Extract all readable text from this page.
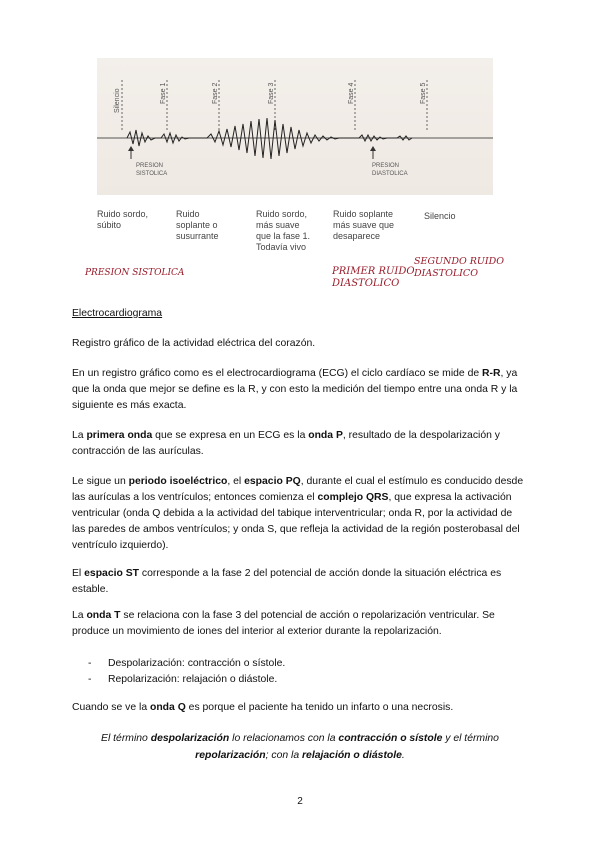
Silencio	Fase 1	Fase 2	Fase 3	Fase 4	Fase 5
PRESION
SISTOLICA
PRESION
DIASTOLICA
Ruido sordo,
súbito
Ruido
soplante o
susurrante
Ruido sordo,
más suave
que la fase 1.
Todavía vivo
Ruido soplante
más suave que
desaparece
Silencio
PRESION SISTOLICA	PRIMER RUIDO
DIASTOLICO
SEGUNDO RUIDO
DIASTOLICO
Electrocardiograma
Registro gráfico de la actividad eléctrica del corazón.
En un registro gráfico como es el electrocardiograma (ECG) el ciclo cardíaco se mide de R-R, ya que la onda que mejor se define es la R, y con esto la medición del tiempo entre una onda R y la siguiente es más exacta.
La primera onda que se expresa en un ECG es la onda P, resultado de la despolarización y contracción de las aurículas.
Le sigue un periodo isoeléctrico, el espacio PQ, durante el cual el estímulo es conducido desde las aurículas a los ventrículos; entonces comienza el complejo QRS, que expresa la activación ventricular (onda Q debida a la actividad del tabique interventricular; onda R, por la actividad de las paredes de ambos ventrículos; y onda S, que refleja la actividad de la región posterobasal del ventrículo izquierdo).
El espacio ST corresponde a la fase 2 del potencial de acción donde la situación eléctrica es estable.
La onda T se relaciona con la fase 3 del potencial de acción o repolarización ventricular. Se produce un movimiento de iones del interior al exterior durante la repolarización.
- Despolarización: contracción o sístole.
- Repolarización: relajación o diástole.
Cuando se ve la onda Q es porque el paciente ha tenido un infarto o una necrosis.
El término despolarización lo relacionamos con la contracción o sístole y el término repolarización; con la relajación o diástole.
2
